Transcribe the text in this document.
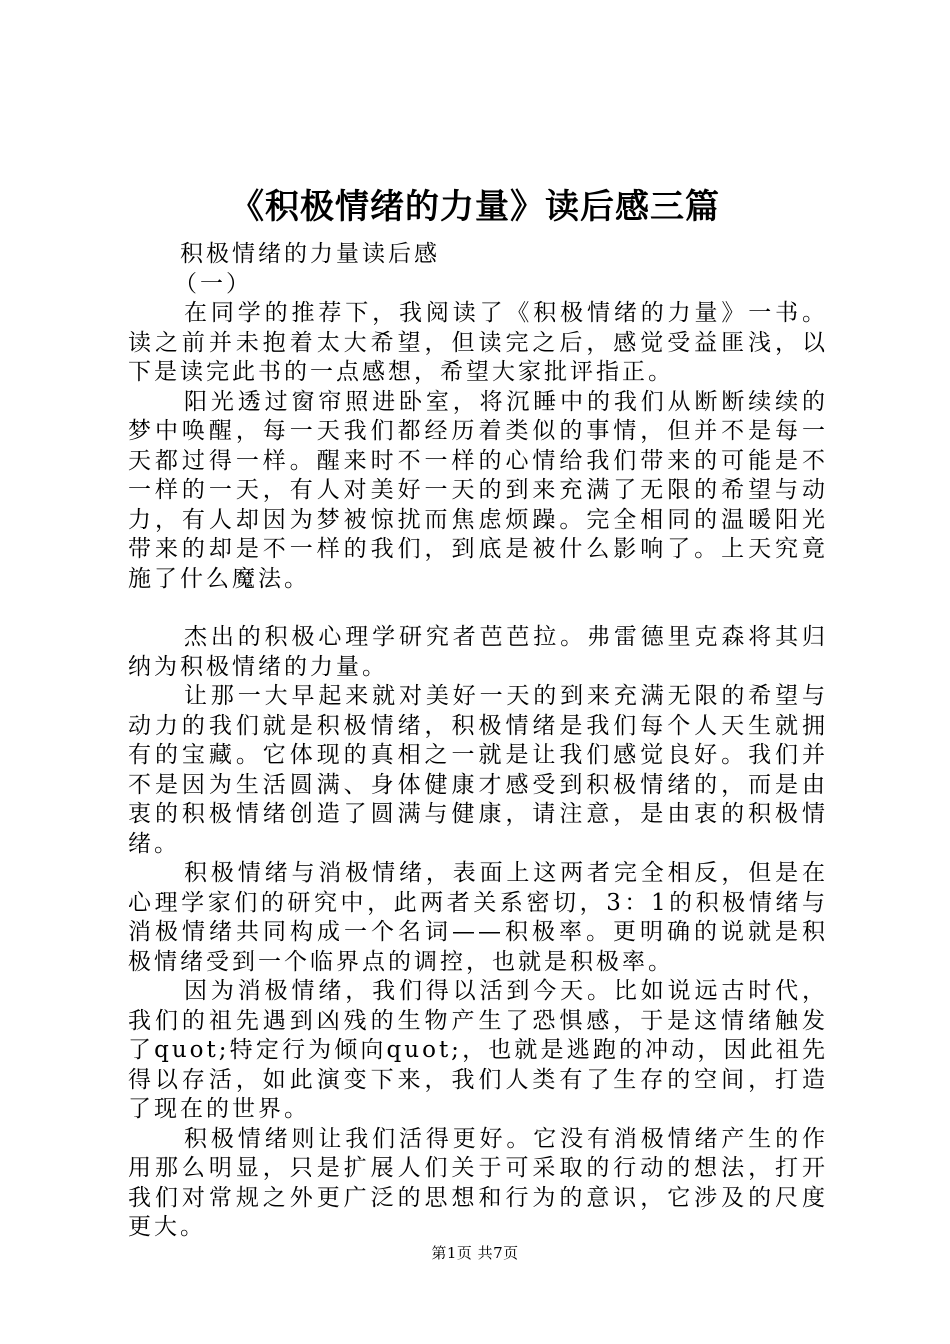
《积极情绪的力量》读后感三篇

积极情绪的力量读后感

（一）

在同学的推荐下，我阅读了《积极情绪的力量》一书。读之前并未抱着太大希望，但读完之后，感觉受益匪浅，以下是读完此书的一点感想，希望大家批评指正。

阳光透过窗帘照进卧室，将沉睡中的我们从断断续续的梦中唤醒，每一天我们都经历着类似的事情，但并不是每一天都过得一样。醒来时不一样的心情给我们带来的可能是不一样的一天，有人对美好一天的到来充满了无限的希望与动力，有人却因为梦被惊扰而焦虑烦躁。完全相同的温暖阳光带来的却是不一样的我们，到底是被什么影响了。上天究竟施了什么魔法。

杰出的积极心理学研究者芭芭拉。弗雷德里克森将其归纳为积极情绪的力量。

让那一大早起来就对美好一天的到来充满无限的希望与动力的我们就是积极情绪，积极情绪是我们每个人天生就拥有的宝藏。它体现的真相之一就是让我们感觉良好。我们并不是因为生活圆满、身体健康才感受到积极情绪的，而是由衷的积极情绪创造了圆满与健康，请注意，是由衷的积极情绪。

积极情绪与消极情绪，表面上这两者完全相反，但是在心理学家们的研究中，此两者关系密切，3：1的积极情绪与消极情绪共同构成一个名词——积极率。更明确的说就是积极情绪受到一个临界点的调控，也就是积极率。

因为消极情绪，我们得以活到今天。比如说远古时代，我们的祖先遇到凶残的生物产生了恐惧感，于是这情绪触发了quot;特定行为倾向quot;，也就是逃跑的冲动，因此祖先得以存活，如此演变下来，我们人类有了生存的空间，打造了现在的世界。

积极情绪则让我们活得更好。它没有消极情绪产生的作用那么明显，只是扩展人们关于可采取的行动的想法，打开我们对常规之外更广泛的思想和行为的意识，它涉及的尺度更大。

第1页 共7页
